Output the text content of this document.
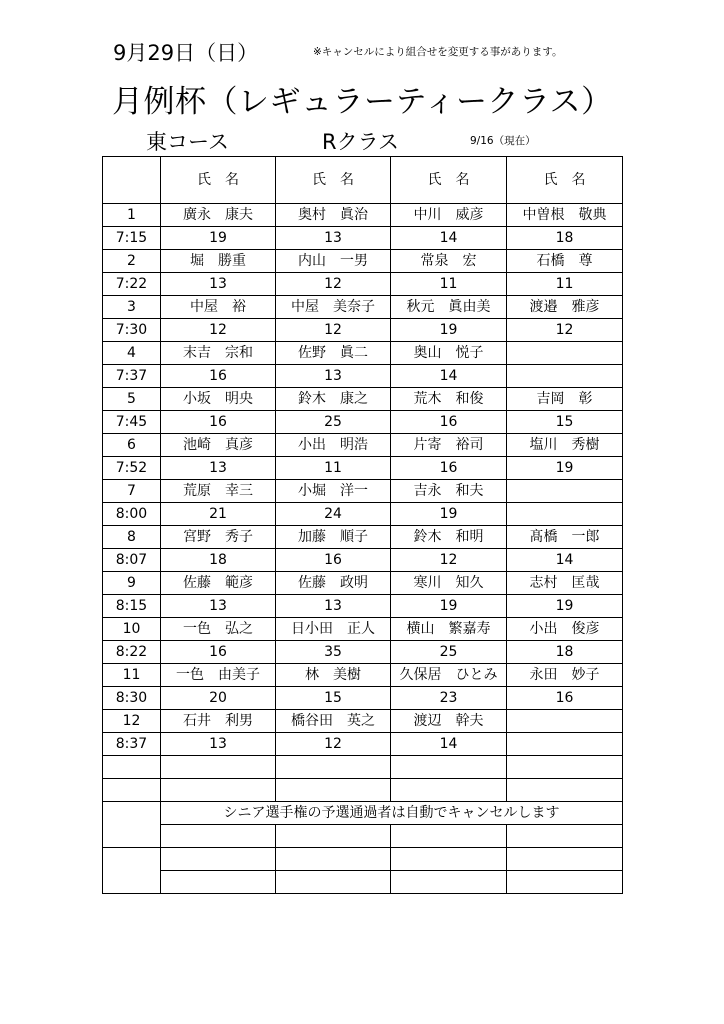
9月29日（日）	※キャンセルにより組合せを変更する事があります。
月例杯（レギュラーティークラス）
東コース	Rクラス	9/16（現在）
	氏　名	氏　名	氏　名	氏　名
1	廣永 康夫	奥村 眞治	中川 威彦	中曽根 敬典
7:15	19	13	14	18
2	堀 勝重	内山 一男	常泉 宏	石橋 尊
7:22	13	12	11	11
3	中屋 裕	中屋 美奈子	秋元 眞由美	渡邉 雅彦
7:30	12	12	19	12
4	末吉 宗和	佐野 眞二	奥山 悦子	
7:37	16	13	14	
5	小坂 明央	鈴木 康之	荒木 和俊	吉岡 彰
7:45	16	25	16	15
6	池崎 真彦	小出 明浩	片寄 裕司	塩川 秀樹
7:52	13	11	16	19
7	荒原 幸三	小堀 洋一	吉永 和夫	
8:00	21	24	19	
8	宮野 秀子	加藤 順子	鈴木 和明	髙橋 一郎
8:07	18	16	12	14
9	佐藤 範彦	佐藤 政明	寒川 知久	志村 匡哉
8:15	13	13	19	19
10	一色 弘之	日小田 正人	横山 繁嘉寿	小出 俊彦
8:22	16	35	25	18
11	一色 由美子	林 美樹	久保居 ひとみ	永田 妙子
8:30	20	15	23	16
12	石井 利男	橋谷田 英之	渡辺 幹夫	
8:37	13	12	14	

	シニア選手権の予選通過者は自動でキャンセルします			
